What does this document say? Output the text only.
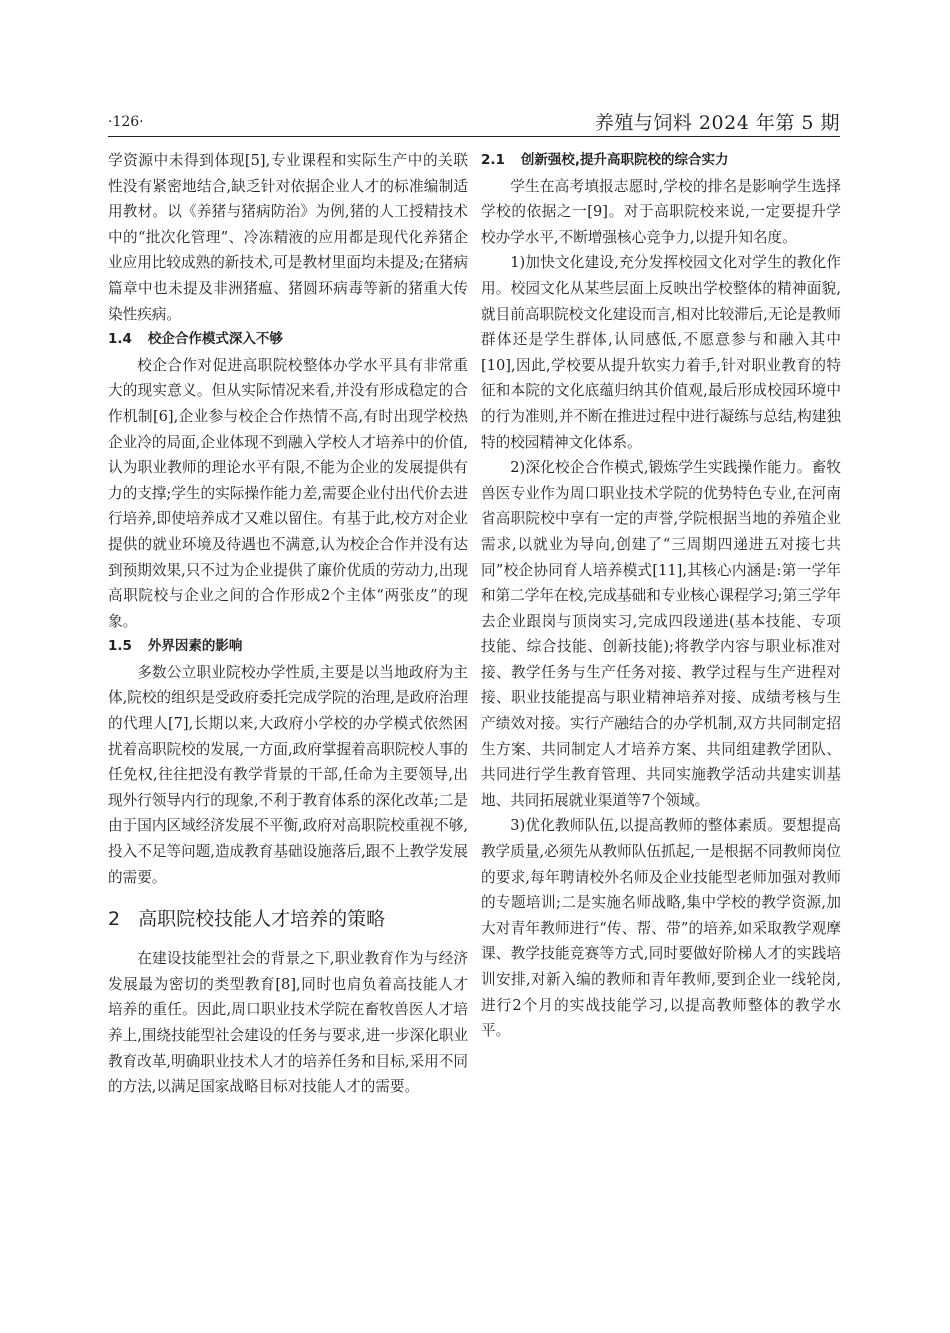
·126·	养殖与饲料 2024 年第 5 期

学资源中未得到体现[5],专业课程和实际生产中的关联性没有紧密地结合,缺乏针对依据企业人才的标准编制适用教材。以《养猪与猪病防治》为例,猪的人工授精技术中的“批次化管理”、冷冻精液的应用都是现代化养猪企业应用比较成熟的新技术,可是教材里面均未提及;在猪病篇章中也未提及非洲猪瘟、猪圆环病毒等新的猪重大传染性疾病。

1.4 校企合作模式深入不够

校企合作对促进高职院校整体办学水平具有非常重大的现实意义。但从实际情况来看,并没有形成稳定的合作机制[6],企业参与校企合作热情不高,有时出现学校热企业冷的局面,企业体现不到融入学校人才培养中的价值,认为职业教师的理论水平有限,不能为企业的发展提供有力的支撑;学生的实际操作能力差,需要企业付出代价去进行培养,即使培养成才又难以留住。有基于此,校方对企业提供的就业环境及待遇也不满意,认为校企合作并没有达到预期效果,只不过为企业提供了廉价优质的劳动力,出现高职院校与企业之间的合作形成2个主体“两张皮”的现象。

1.5 外界因素的影响

多数公立职业院校办学性质,主要是以当地政府为主体,院校的组织是受政府委托完成学院的治理,是政府治理的代理人[7],长期以来,大政府小学校的办学模式依然困扰着高职院校的发展,一方面,政府掌握着高职院校人事的任免权,往往把没有教学背景的干部,任命为主要领导,出现外行领导内行的现象,不利于教育体系的深化改革;二是由于国内区域经济发展不平衡,政府对高职院校重视不够,投入不足等问题,造成教育基础设施落后,跟不上教学发展的需要。

2 高职院校技能人才培养的策略

在建设技能型社会的背景之下,职业教育作为与经济发展最为密切的类型教育[8],同时也肩负着高技能人才培养的重任。因此,周口职业技术学院在畜牧兽医人才培养上,围绕技能型社会建设的任务与要求,进一步深化职业教育改革,明确职业技术人才的培养任务和目标,采用不同的方法,以满足国家战略目标对技能人才的需要。

2.1 创新强校,提升高职院校的综合实力

学生在高考填报志愿时,学校的排名是影响学生选择学校的依据之一[9]。对于高职院校来说,一定要提升学校办学水平,不断增强核心竞争力,以提升知名度。

1)加快文化建设,充分发挥校园文化对学生的教化作用。校园文化从某些层面上反映出学校整体的精神面貌,就目前高职院校文化建设而言,相对比较滞后,无论是教师群体还是学生群体,认同感低,不愿意参与和融入其中[10],因此,学校要从提升软实力着手,针对职业教育的特征和本院的文化底蕴归纳其价值观,最后形成校园环境中的行为准则,并不断在推进过程中进行凝练与总结,构建独特的校园精神文化体系。

2)深化校企合作模式,锻炼学生实践操作能力。畜牧兽医专业作为周口职业技术学院的优势特色专业,在河南省高职院校中享有一定的声誉,学院根据当地的养殖企业需求,以就业为导向,创建了“三周期四递进五对接七共同”校企协同育人培养模式[11],其核心内涵是:第一学年和第二学年在校,完成基础和专业核心课程学习;第三学年去企业跟岗与顶岗实习,完成四段递进(基本技能、专项技能、综合技能、创新技能);将教学内容与职业标准对接、教学任务与生产任务对接、教学过程与生产进程对接、职业技能提高与职业精神培养对接、成绩考核与生产绩效对接。实行产融结合的办学机制,双方共同制定招生方案、共同制定人才培养方案、共同组建教学团队、共同进行学生教育管理、共同实施教学活动共建实训基地、共同拓展就业渠道等7个领域。

3)优化教师队伍,以提高教师的整体素质。要想提高教学质量,必须先从教师队伍抓起,一是根据不同教师岗位的要求,每年聘请校外名师及企业技能型老师加强对教师的专题培训;二是实施名师战略,集中学校的教学资源,加大对青年教师进行“传、帮、带”的培养,如采取教学观摩课、教学技能竞赛等方式,同时要做好阶梯人才的实践培训安排,对新入编的教师和青年教师,要到企业一线轮岗,进行2个月的实战技能学习,以提高教师整体的教学水平。
